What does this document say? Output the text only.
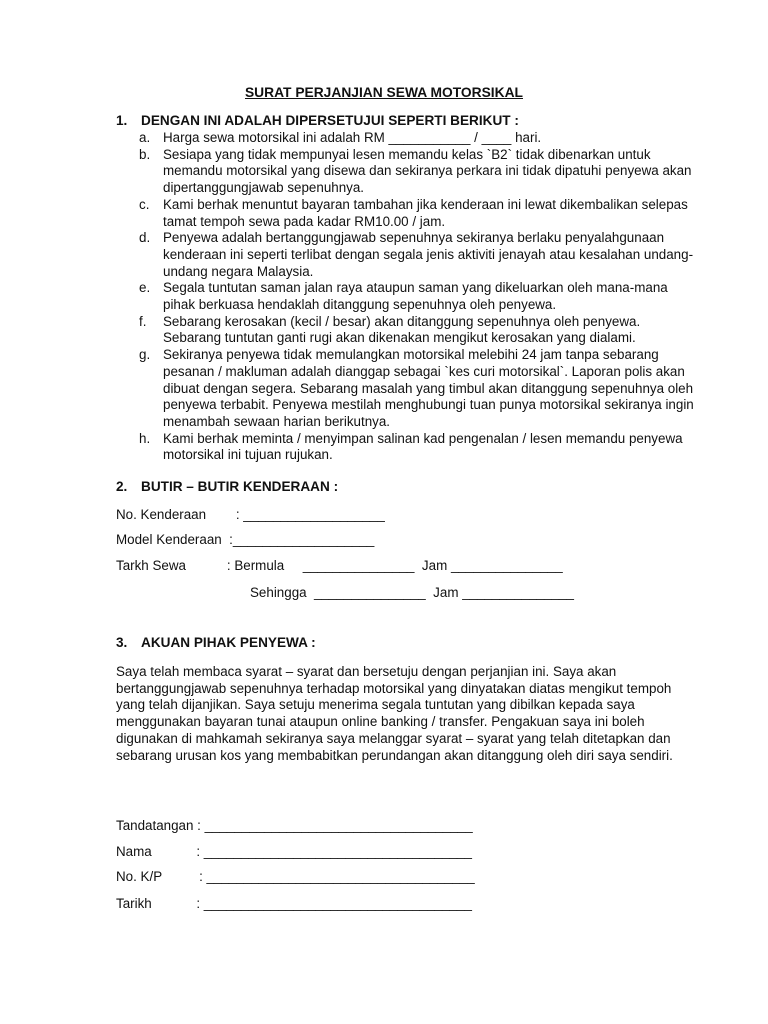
SURAT PERJANJIAN SEWA MOTORSIKAL
1. DENGAN INI ADALAH DIPERSETUJUI SEPERTI BERIKUT :
a. Harga sewa motorsikal ini adalah RM ___________ / ____ hari.
b. Sesiapa yang tidak mempunyai lesen memandu kelas `B2` tidak dibenarkan untuk memandu motorsikal yang disewa dan sekiranya perkara ini tidak dipatuhi penyewa akan dipertanggungjawab sepenuhnya.
c. Kami berhak menuntut bayaran tambahan jika kenderaan ini lewat dikembalikan selepas tamat tempoh sewa pada kadar RM10.00 / jam.
d. Penyewa adalah bertanggungjawab sepenuhnya sekiranya berlaku penyalahgunaan kenderaan ini seperti terlibat dengan segala jenis aktiviti jenayah atau kesalahan undang-undang negara Malaysia.
e. Segala tuntutan saman jalan raya ataupun saman yang dikeluarkan oleh mana-mana pihak berkuasa hendaklah ditanggung sepenuhnya oleh penyewa.
f. Sebarang kerosakan (kecil / besar) akan ditanggung sepenuhnya oleh penyewa. Sebarang tuntutan ganti rugi akan dikenakan mengikut kerosakan yang dialami.
g. Sekiranya penyewa tidak memulangkan motorsikal melebihi 24 jam tanpa sebarang pesanan / makluman adalah dianggap sebagai `kes curi motorsikal`. Laporan polis akan dibuat dengan segera. Sebarang masalah yang timbul akan ditanggung sepenuhnya oleh penyewa terbabit. Penyewa mestilah menghubungi tuan punya motorsikal sekiranya ingin menambah sewaan harian berikutnya.
h. Kami berhak meminta / menyimpan salinan kad pengenalan / lesen memandu penyewa motorsikal ini tujuan rujukan.
2. BUTIR – BUTIR KENDERAAN :
No. Kenderaan        : ___________________
Model Kenderaan  :___________________
Tarkh Sewa           : Bermula     _______________  Jam _______________
Sehingga  _______________  Jam _______________
3. AKUAN PIHAK PENYEWA :
Saya telah membaca syarat – syarat dan bersetuju dengan perjanjian ini. Saya akan bertanggungjawab sepenuhnya terhadap motorsikal yang dinyatakan diatas mengikut tempoh yang telah dijanjikan. Saya setuju menerima segala tuntutan yang dibilkan kepada saya menggunakan bayaran tunai ataupun online banking / transfer. Pengakuan saya ini boleh digunakan di mahkamah sekiranya saya melanggar syarat – syarat yang telah ditetapkan dan sebarang urusan kos yang membabitkan perundangan akan ditanggung oleh diri saya sendiri.
Tandatangan : ____________________________________
Nama            : ____________________________________
No. K/P          : ____________________________________
Tarikh            : ____________________________________
